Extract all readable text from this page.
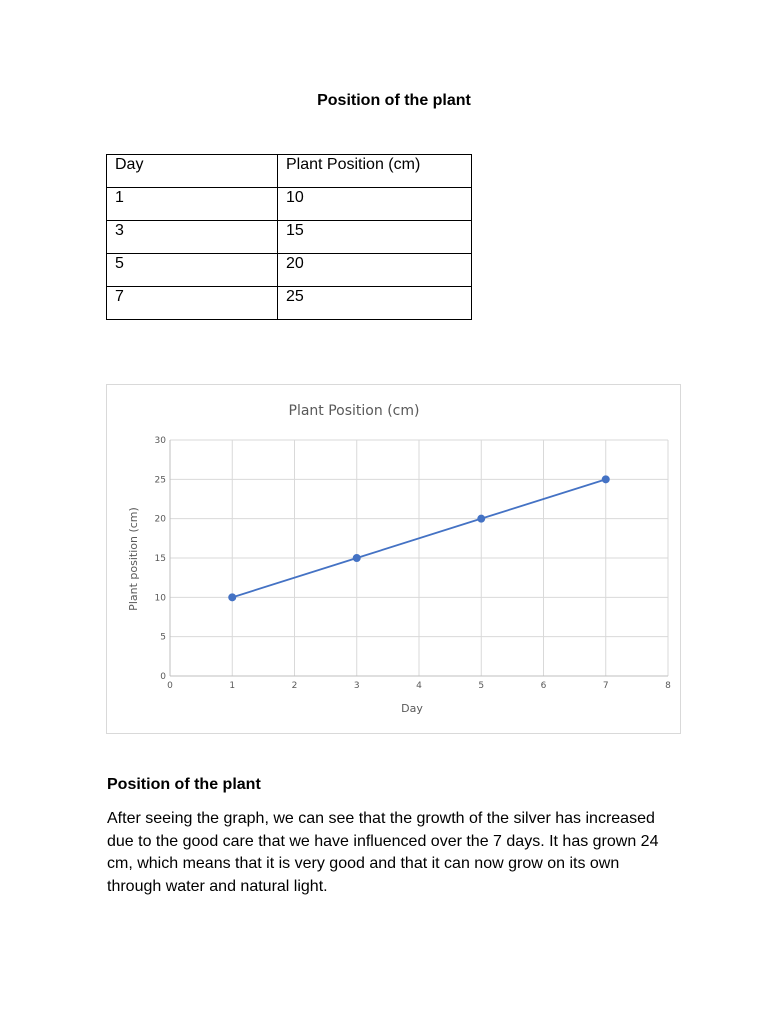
Position of the plant
Day	Plant Position (cm)
1	10
3	15
5	20
7	25
0
5
10
15
20
25
30
0	1	2	3	4	5	6	7	8
Plant Position (cm)
Day
Plant position (cm)
Position of the plant
After seeing the graph, we can see that the growth of the silver has increased due to the good care that we have influenced over the 7 days. It has grown 24 cm, which means that it is very good and that it can now grow on its own through water and natural light.
